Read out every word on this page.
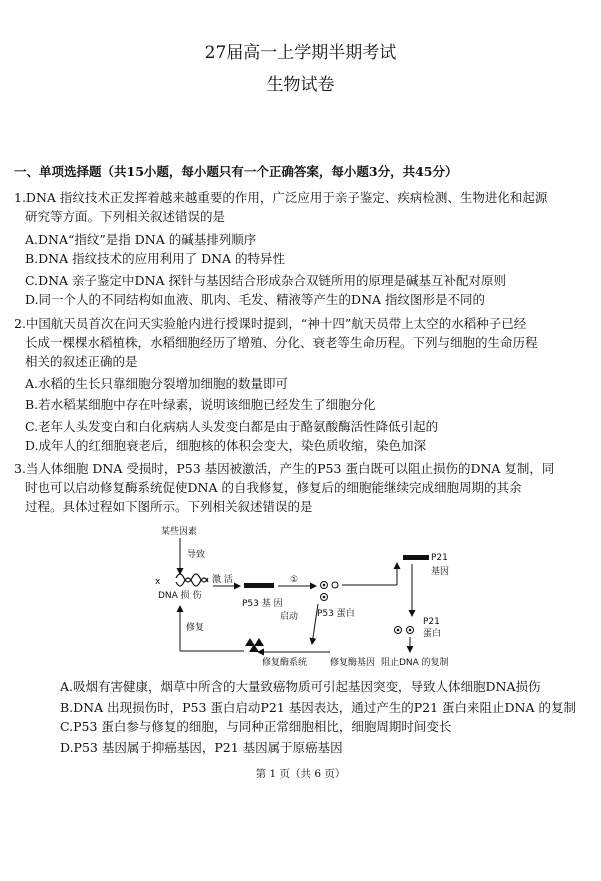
27届高一上学期半期考试
生物试卷
一、单项选择题（共15小题，每小题只有一个正确答案，每小题3分，共45分）
1.DNA 指纹技术正发挥着越来越重要的作用，广泛应用于亲子鉴定、疾病检测、生物进化和起源
研究等方面。下列相关叙述错误的是
A.DNA“指纹”是指 DNA 的碱基排列顺序
B.DNA 指纹技术的应用利用了 DNA 的特异性
C.DNA 亲子鉴定中DNA 探针与基因结合形成杂合双链所用的原理是碱基互补配对原则
D.同一个人的不同结构如血液、肌肉、毛发、精液等产生的DNA 指纹图形是不同的
2.中国航天员首次在问天实验舱内进行授课时提到，“神十四”航天员带上太空的水稻种子已经
长成一棵棵水稻植株，水稻细胞经历了增殖、分化、衰老等生命历程。下列与细胞的生命历程
相关的叙述正确的是
A.水稻的生长只靠细胞分裂增加细胞的数量即可
B.若水稻某细胞中存在叶绿素，说明该细胞已经发生了细胞分化
C.老年人头发变白和白化病病人头发变白都是由于酪氨酸酶活性降低引起的
D.成年人的红细胞衰老后，细胞核的体积会变大，染色质收缩，染色加深
3.当人体细胞 DNA 受损时，P53 基因被激活，产生的P53 蛋白既可以阻止损伤的DNA 复制，同
时也可以启动修复酶系统促使DNA 的自我修复，修复后的细胞能继续完成细胞周期的其余
过程。具体过程如下图所示。下列相关叙述错误的是
某些因素
导致
x
DNA 损 伤
激 活
P53 基 因
①
P53 蛋白
P21
基因
P21
蛋白
阻止DNA 的复制
启动
修复酶系统	修复酶基因
修复
A.吸烟有害健康，烟草中所含的大量致癌物质可引起基因突变，导致人体细胞DNA损伤
B.DNA 出现损伤时，P53 蛋白启动P21 基因表达，通过产生的P21 蛋白来阻止DNA 的复制
C.P53 蛋白参与修复的细胞，与同种正常细胞相比，细胞周期时间变长
D.P53 基因属于抑癌基因，P21 基因属于原癌基因
第 1 页（共 6 页）
